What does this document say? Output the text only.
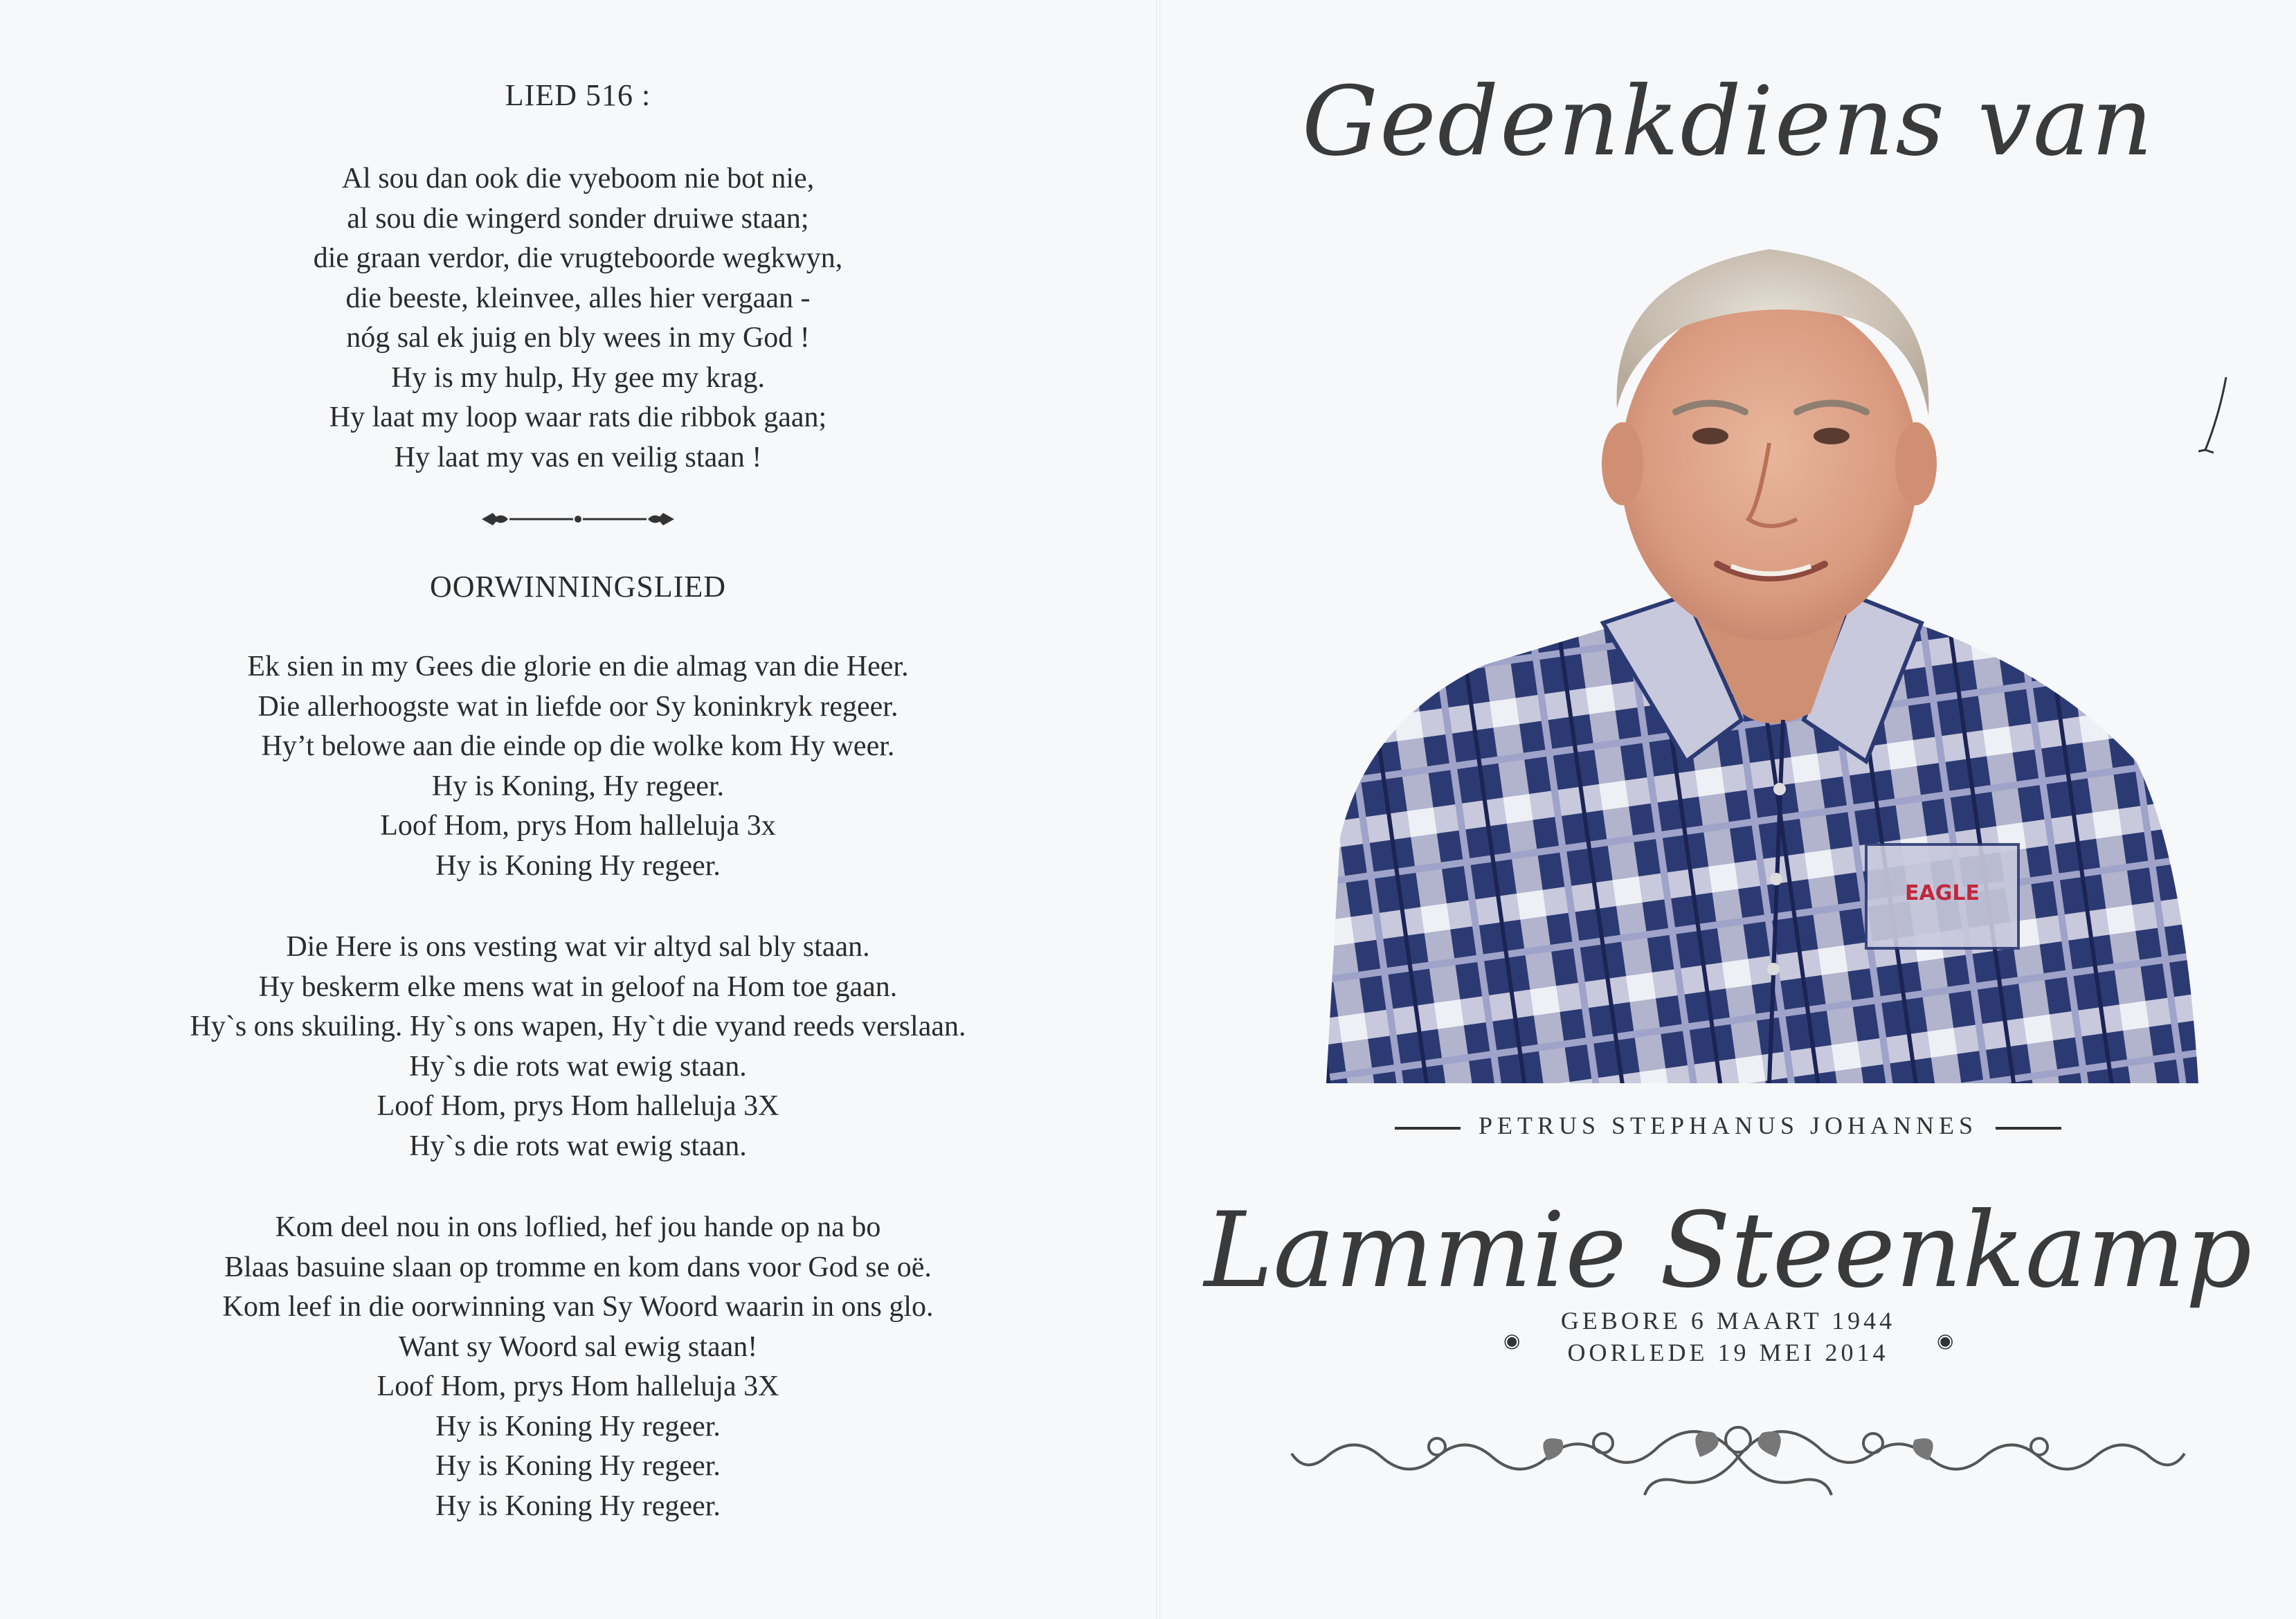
LIED 516 :
Al sou dan ook die vyeboom nie bot nie,
al sou die wingerd sonder druiwe staan;
die graan verdor, die vrugteboorde wegkwyn,
die beeste, kleinvee, alles hier vergaan -
nóg sal ek juig en bly wees in my God !
Hy is my hulp, Hy gee my krag.
Hy laat my loop waar rats die ribbok gaan;
Hy laat my vas en veilig staan !
OORWINNINGSLIED
Ek sien in my Gees die glorie en die almag van die Heer.
Die allerhoogste wat in liefde oor Sy koninkryk regeer.
Hy’t belowe aan die einde op die wolke kom Hy weer.
Hy is Koning, Hy regeer.
Loof Hom, prys Hom halleluja 3x
Hy is Koning Hy regeer.
Die Here is ons vesting wat vir altyd sal bly staan.
Hy beskerm elke mens wat in geloof na Hom toe gaan.
Hy`s ons skuiling. Hy`s ons wapen, Hy`t die vyand reeds verslaan.
Hy`s die rots wat ewig staan.
Loof Hom, prys Hom halleluja 3X
Hy`s die rots wat ewig staan.
Kom deel nou in ons loflied, hef jou hande op na bo
Blaas basuine slaan op tromme en kom dans voor God se oë.
Kom leef in die oorwinning van Sy Woord waarin in ons glo.
Want sy Woord sal ewig staan!
Loof Hom, prys Hom halleluja 3X
Hy is Koning Hy regeer.
Hy is Koning Hy regeer.
Hy is Koning Hy regeer.
Gedenkdiens van
EAGLE
PETRUS STEPHANUS JOHANNES
Lammie Steenkamp
◉
GEBORE 6 MAART 1944
OORLEDE 19 MEI 2014	◉
